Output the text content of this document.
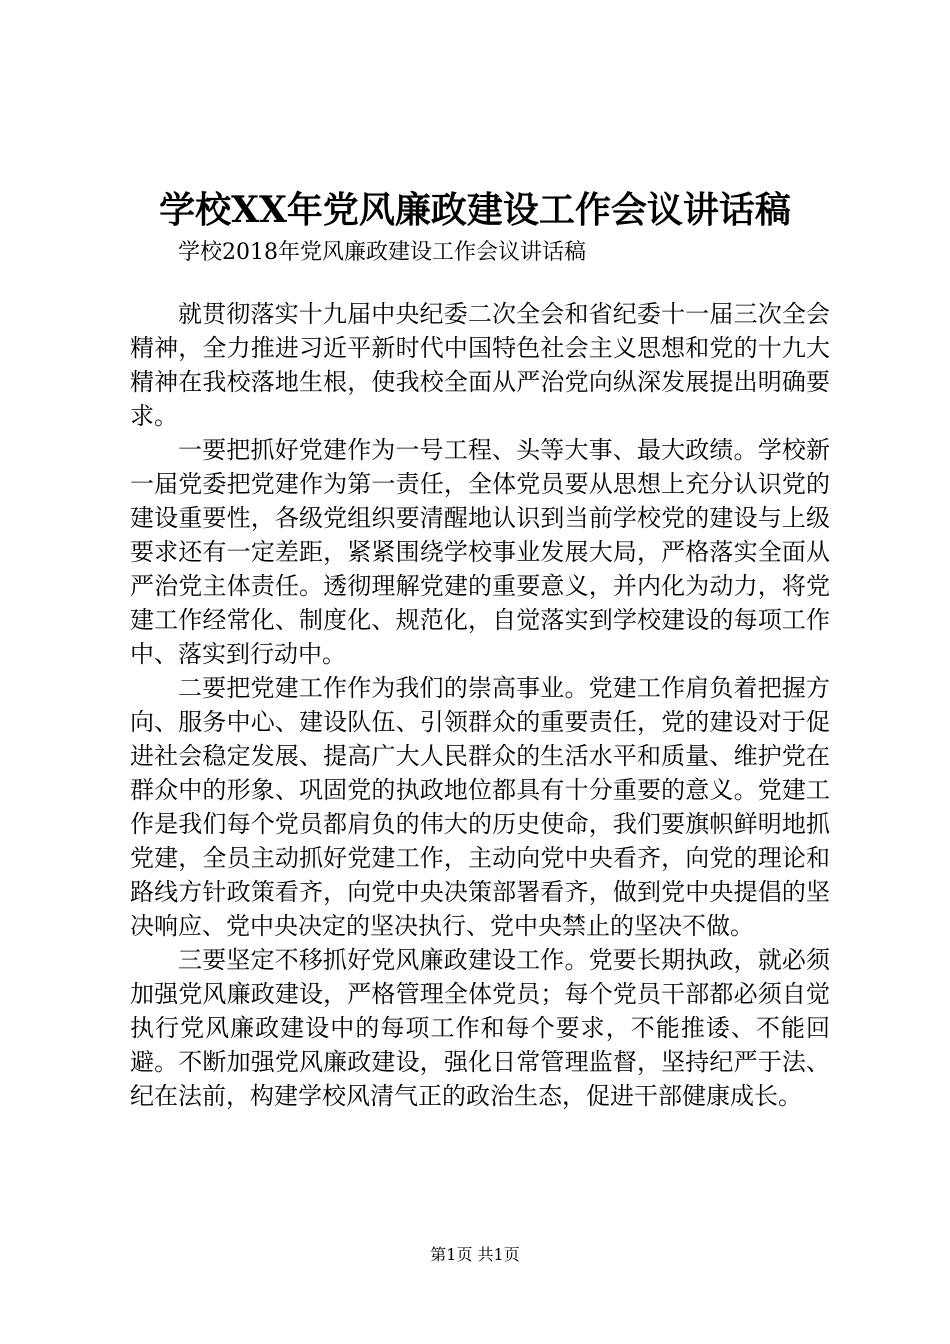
学校XX年党风廉政建设工作会议讲话稿
学校2018年党风廉政建设工作会议讲话稿

就贯彻落实十九届中央纪委二次全会和省纪委十一届三次全会精神，全力推进习近平新时代中国特色社会主义思想和党的十九大精神在我校落地生根，使我校全面从严治党向纵深发展提出明确要求。

一要把抓好党建作为一号工程、头等大事、最大政绩。学校新一届党委把党建作为第一责任，全体党员要从思想上充分认识党的建设重要性，各级党组织要清醒地认识到当前学校党的建设与上级要求还有一定差距，紧紧围绕学校事业发展大局，严格落实全面从严治党主体责任。透彻理解党建的重要意义，并内化为动力，将党建工作经常化、制度化、规范化，自觉落实到学校建设的每项工作中、落实到行动中。

二要把党建工作作为我们的崇高事业。党建工作肩负着把握方向、服务中心、建设队伍、引领群众的重要责任，党的建设对于促进社会稳定发展、提高广大人民群众的生活水平和质量、维护党在群众中的形象、巩固党的执政地位都具有十分重要的意义。党建工作是我们每个党员都肩负的伟大的历史使命，我们要旗帜鲜明地抓党建，全员主动抓好党建工作，主动向党中央看齐，向党的理论和路线方针政策看齐，向党中央决策部署看齐，做到党中央提倡的坚决响应、党中央决定的坚决执行、党中央禁止的坚决不做。

三要坚定不移抓好党风廉政建设工作。党要长期执政，就必须加强党风廉政建设，严格管理全体党员；每个党员干部都必须自觉执行党风廉政建设中的每项工作和每个要求，不能推诿、不能回避。不断加强党风廉政建设，强化日常管理监督，坚持纪严于法、纪在法前，构建学校风清气正的政治生态，促进干部健康成长。

第1页 共1页
